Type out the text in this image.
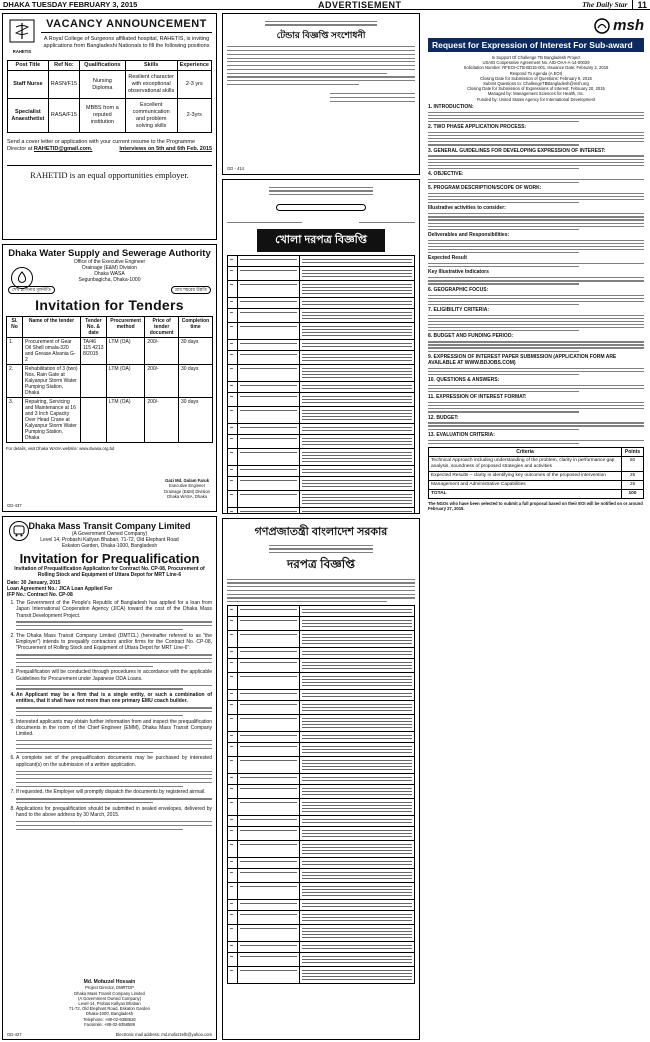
DHAKA TUESDAY FEBRUARY 3, 2015	ADVERTISEMENT	The Daily Star	11
RAHETIS
VACANCY ANNOUNCEMENT
A Royal College of Surgeons affiliated hospital, RAHETIS, is inviting applications from Bangladeshi Nationals to fill the following positions
Post Title	Ref No:	Qualifications	Skills	Experience
Staff Nurse	RASN/F15	Nursing Diploma	Resilient character with exceptional observational skills	2-3 yrs
Specialist Anaesthetist	RASA/F15	MBBS from a reputed institution	Excellent communication and problem solving skills	2-3yrs
Send a cover letter or application with your current resume to the Programme Director at RAHETID@gmail.com.	Interviews on 5th and 6th Feb. 2015
RAHETID is an equal opportunities employer.
টেন্ডার বিজ্ঞপ্তি সংশোধনী
GD - 414
খোলা দরপত্র বিজ্ঞপ্তি

Dhaka Water Supply and Sewerage Authority
Office of the Executive Engineer
Drainage (E&M) Division
Dhaka WASA
Segunbagicha, Dhaka-1000
শেখ হাসিনার মূলনীতি	গ্রাম শহরের উন্নতি
Invitation for Tenders
Sl. No	Name of the tender	Tender No. & date	Procurement method	Price of tender document	Completion time
1.	Procurement of Gear Oil Shell omala-320 and Grease Alvania G-2	TA/46 115 4213 8/2015	LTM (OA)	200/-	30 days
2.	Rehabilitation of 3 (two) Nos. Rain Gate at Kalyanpur Storm Water Pumping Station, Dhaka		LTM (OA)	200/-	30 days
3.	Repairing, Servicing and Maintenance at 16 and 3 Inch Capacity Over Head Crane at Kalyanpur Storm Water Pumping Station, Dhaka		LTM (OA)	200/-	30 days
For details, visit Dhaka WASA website: www.dwasa.org.bd
Gazi Md. Golam Faruk
Executive Engineer
Drainage (E&M) Division
Dhaka WASA, Dhaka
GD-437
Dhaka Mass Transit Company Limited
(A Government Owned Company)
Level 14, Probashi Kallyan Bhaban, 71-72, Old Elephant Road
Eskaton Garden, Dhaka-1000, Bangladesh
Invitation for Prequalification
Invitation of Prequalification Application for Contract No. CP-08, Procurement of
Rolling Stock and Equipment of Uttara Depot for MRT Line-6
Date: 30 January, 2015
Loan Agreement No.: JICA Loan Applied For
IFP No.: Contract No. CP-08
1. The Government of the People's Republic of Bangladesh has applied for a loan from Japan International Cooperation Agency (JICA) toward the cost of the Dhaka Mass Transit Development Project.
2. The Dhaka Mass Transit Company Limited (DMTCL) (hereinafter referred to as "the Employer") intends to prequalify contractors and/or firms for the Contract No. CP-08, "Procurement of Rolling Stock and Equipment of Uttara Depot for MRT Line-6".
3. Prequalification will be conducted through procedures in accordance with the applicable Guidelines for Procurement under Japanese ODA Loans.
4. An Applicant may be a firm that is a single entity, or such a combination of entities, that it shall have not more than one primary EMU coach builder.
5. Interested applicants may obtain further information from and inspect the prequalification documents in the room of the Chief Engineer (EMM), Dhaka Mass Transit Company Limited.
6. A complete set of the prequalification documents may be purchased by interested applicant(s) on the submission of a written application.
7. If requested, the Employer will promptly dispatch the documents by registered airmail.
8. Applications for prequalification should be submitted in sealed envelopes, delivered by hand to the above address by 30 March, 2015.
Md. Mofazzel Hossain
Project Director, DMRTDP
Dhaka Mass Transit Company Limited
(A Government Owned Company)
Level-14, Probas Kallyan Bhaban
71-72, Old Elephant Road, Eskaton Garden
Dhaka-1000, Bangladesh
Telephone: +88-02-9358626
Facsimile: +88-02-9358589
GD-427	Electronic mail address: md.mofazzelh@yahoo.com
গণপ্রজাতন্ত্রী বাংলাদেশ সরকার
দরপত্র বিজ্ঞপ্তি

msh
Request for Expression of Interest For Sub-award
In Support Of Challenge TB Bangladesh Project
USAID Cooperative Agreement No. AID-OAA-A-14-00029
Solicitation Number: RFEOI-CTB-BD15-001, Issuance Date: February 2, 2015
Respond To Agenda (A EOI)
Closing Date for Submission of Questions: February 9, 2015
Submit Questions to: ChallengeTBBangladesh@msh.org
Closing Date for Submission of Expressions of Interest: February 20, 2015
Managed by: Management Sciences for Health, Inc.
Funded by: United States Agency for International Development
1. INTRODUCTION:
2. TWO PHASE APPLICATION PROCESS:
3. GENERAL GUIDELINES FOR DEVELOPING EXPRESSION OF INTEREST:
4. OBJECTIVE:
5. PROGRAM DESCRIPTION/SCOPE OF WORK:
Illustrative activities to consider:
Deliverables and Responsibilities:
Expected Result
Key Illustrative Indicators
6. GEOGRAPHIC FOCUS:
7. ELIGIBILITY CRITERIA:
8. BUDGET AND FUNDING PERIOD:
9. EXPRESSION OF INTEREST PAPER SUBMISSION (APPLICATION FORM ARE AVAILABLE AT WWW.BDJOBS.COM)
10. QUESTIONS & ANSWERS:
11. EXPRESSION OF INTEREST FORMAT:
12. BUDGET:
13. EVALUATION CRITERIA:
Criteria	Points
Technical Approach including understanding of the problem, clarity in performance gap analysis, soundness of proposed strategies and activities	50
Expected Results – clarity in identifying key outcomes of the proposed intervention	25
Management and Administrative Capabilities	25
TOTAL	100
The NGOs who have been selected to submit a full proposal based on their EOI will be notified on or around February 27, 2015.
